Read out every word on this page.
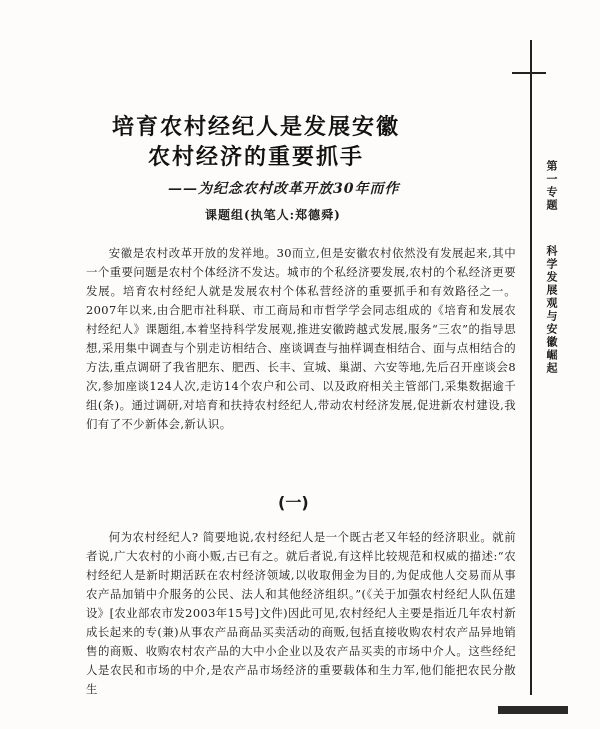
第一专题
科学发展观与安徽崛起
培育农村经纪人是发展安徽
农村经济的重要抓手
——为纪念农村改革开放30年而作
课题组(执笔人:郑德舜)

安徽是农村改革开放的发祥地。30而立,但是安徽农村依然没有发展起来,其中一个重要问题是农村个体经济不发达。城市的个私经济要发展,农村的个私经济更要发展。培育农村经纪人就是发展农村个体私营经济的重要抓手和有效路径之一。2007年以来,由合肥市社科联、市工商局和市哲学学会同志组成的《培育和发展农村经纪人》课题组,本着坚持科学发展观,推进安徽跨越式发展,服务“三农”的指导思想,采用集中调查与个别走访相结合、座谈调查与抽样调查相结合、面与点相结合的方法,重点调研了我省肥东、肥西、长丰、宣城、巢湖、六安等地,先后召开座谈会8次,参加座谈124人次,走访14个农户和公司、以及政府相关主管部门,采集数据逾千组(条)。通过调研,对培育和扶持农村经纪人,带动农村经济发展,促进新农村建设,我们有了不少新体会,新认识。

(一)

何为农村经纪人? 简要地说,农村经纪人是一个既古老又年轻的经济职业。就前者说,广大农村的小商小贩,古已有之。就后者说,有这样比较规范和权威的描述:“农村经纪人是新时期活跃在农村经济领域,以收取佣金为目的,为促成他人交易而从事农产品加销中介服务的公民、法人和其他经济组织。”(《关于加强农村经纪人队伍建设》[农业部农市发2003年15号]文件)因此可见,农村经纪人主要是指近几年农村新成长起来的专(兼)从事农产品商品买卖活动的商贩,包括直接收购农村农产品异地销售的商贩、收购农村农产品的大中小企业以及农产品买卖的市场中介人。这些经纪人是农民和市场的中介,是农产品市场经济的重要载体和生力军,他们能把农民分散生
